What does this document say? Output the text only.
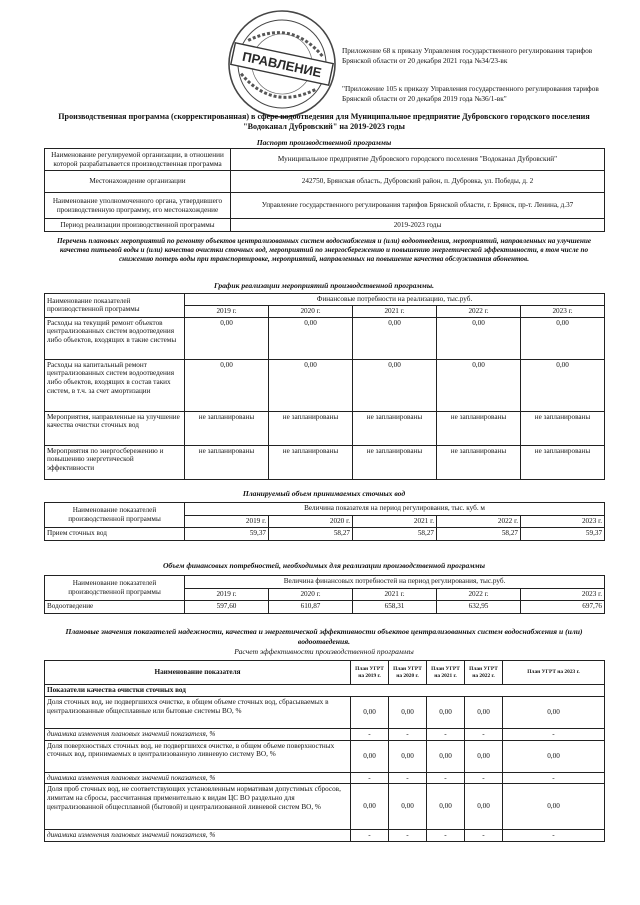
ПРАВЛЕНИЕ	Приложение 68 к приказу Управления государственного регулирования тарифов Брянской области от 20 декабря 2021 года №34/23-вк
"Приложение 105 к приказу Управления государственного регулирования тарифов Брянской области от 20 декабря 2019 года №36/1-вк"
Производственная программа (скорректированная) в сфере водоотведения для Муниципальное предприятие Дубровского городского поселения "Водоканал Дубровский" на 2019-2023 годы
Паспорт производственной программы
Наименование регулируемой организации, в отношении которой разрабатывается производственная программа	Муниципальное предприятие Дубровского городского поселения "Водоканал Дубровский"
Местонахождение организации	242750, Брянская область, Дубровский район, п. Дубровка, ул. Победы, д. 2
Наименование уполномоченного органа, утвердившего производственную программу, его местонахождение	Управление государственного регулирования тарифов Брянской области, г. Брянск, пр-т. Ленина, д.37
Период реализации производственной программы	2019-2023 годы
Перечень плановых мероприятий по ремонту объектов централизованных систем водоснабжения и (или) водоотведения, мероприятий, направленных на улучшение качества питьевой воды и (или) качества очистки сточных вод, мероприятий по энергосбережению и повышению энергетической эффективности, в том числе по снижению потерь воды при транспортировке, мероприятий, направленных на повышение качества обслуживания абонентов.
График реализации мероприятий производственной программы.
Наименование показателей производственной программы	Финансовые потребности на реализацию, тыс.руб.				
	2019 г.	2020 г.	2021 г.	2022 г.	2023 г.
Расходы на текущий ремонт объектов централизованных систем водоотведения либо объектов, входящих в такие системы	0,00	0,00	0,00	0,00	0,00
Расходы на капитальный ремонт централизованных систем водоотведения либо объектов, входящих в состав таких систем, в т.ч. за счет амортизации	0,00	0,00	0,00	0,00	0,00
Мероприятия, направленные на улучшение качества очистки сточных вод	не запланированы	не запланированы	не запланированы	не запланированы	не запланированы
Мероприятия по энергосбережению и повышению энергетической эффективности	не запланированы	не запланированы	не запланированы	не запланированы	не запланированы
Планируемый объем принимаемых сточных вод
Наименование показателей производственной программы	Величина показателя на период регулирования, тыс. куб. м				
	2019 г.	2020 г.	2021 г.	2022 г.	2023 г.
Прием сточных вод	59,37	58,27	58,27	58,27	59,37
Объем финансовых потребностей, необходимых для реализации производственной программы
Наименование показателей производственной программы	Величина финансовых потребностей на период регулирования, тыс.руб.				
	2019 г.	2020 г.	2021 г.	2022 г.	2023 г.
Водоотведение	597,60	610,87	658,31	632,95	697,76
Плановые значения показателей надежности, качества и энергетической эффективности объектов централизованных систем водоснабжения и (или) водоотведения.
Расчет эффективности производственной программы
Наименование показателя	План УГРТ на 2019 г.	План УГРТ на 2020 г.	План УГРТ на 2021 г.	План УГРТ на 2022 г.	План УГРТ на 2023 г.
Показатели качества очистки сточных вод					
Доля сточных вод, не подвергшихся очистке, в общем объеме сточных вод, сбрасываемых в централизованные общесплавные или бытовые системы ВО, %	0,00	0,00	0,00	0,00	0,00
динамика изменения плановых значений показателя, %	-	-	-	-	-
Доля поверхностных сточных вод, не подвергшихся очистке, в общем объеме поверхностных сточных вод, принимаемых в централизованную ливневую систему ВО, %	0,00	0,00	0,00	0,00	0,00
динамика изменения плановых значений показателя, %	-	-	-	-	-
Доля проб сточных вод, не соответствующих установленным нормативам допустимых сбросов, лимитам на сбросы, рассчитанная применительно к видам ЦС ВО раздельно для централизованной общесплавной (бытовой) и централизованной ливневой систем ВО, %	0,00	0,00	0,00	0,00	0,00
динамика изменения плановых значений показателя, %	-	-	-	-	-
